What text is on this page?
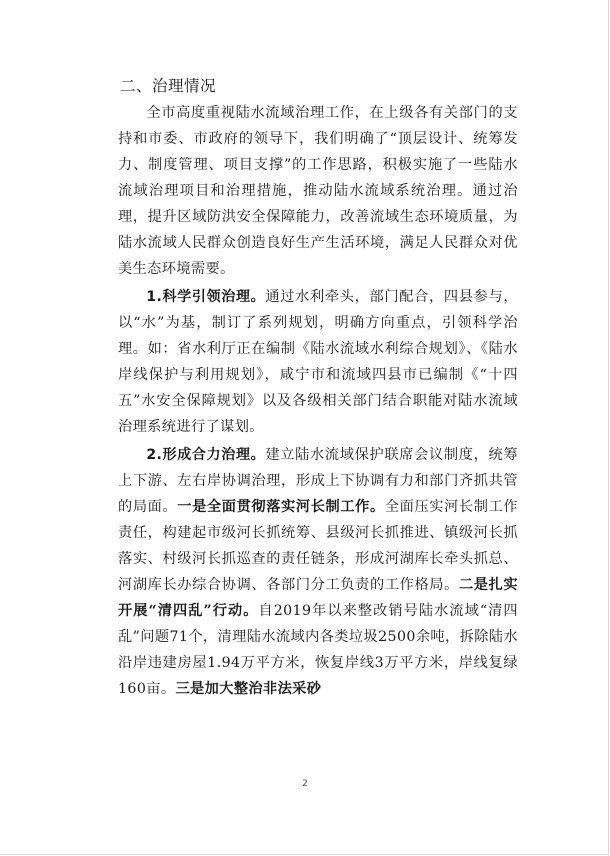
二、治理情况

全市高度重视陆水流域治理工作，在上级各有关部门的支持和市委、市政府的领导下，我们明确了“顶层设计、统筹发力、制度管理、项目支撑”的工作思路，积极实施了一些陆水流域治理项目和治理措施，推动陆水流域系统治理。通过治理，提升区域防洪安全保障能力，改善流域生态环境质量，为陆水流域人民群众创造良好生产生活环境，满足人民群众对优美生态环境需要。

1.科学引领治理。通过水利牵头，部门配合，四县参与，以“水”为基，制订了系列规划，明确方向重点，引领科学治理。如：省水利厅正在编制《陆水流域水利综合规划》、《陆水岸线保护与利用规划》，咸宁市和流域四县市已编制《“十四五”水安全保障规划》以及各级相关部门结合职能对陆水流域治理系统进行了谋划。

2.形成合力治理。建立陆水流域保护联席会议制度，统筹上下游、左右岸协调治理，形成上下协调有力和部门齐抓共管的局面。一是全面贯彻落实河长制工作。全面压实河长制工作责任，构建起市级河长抓统筹、县级河长抓推进、镇级河长抓落实、村级河长抓巡查的责任链条，形成河湖库长牵头抓总、河湖库长办综合协调、各部门分工负责的工作格局。二是扎实开展“清四乱”行动。自2019年以来整改销号陆水流域“清四乱”问题71个，清理陆水流域内各类垃圾2500余吨，拆除陆水沿岸违建房屋1.94万平方米，恢复岸线3万平方米，岸线复绿160亩。三是加大整治非法采砂

2
